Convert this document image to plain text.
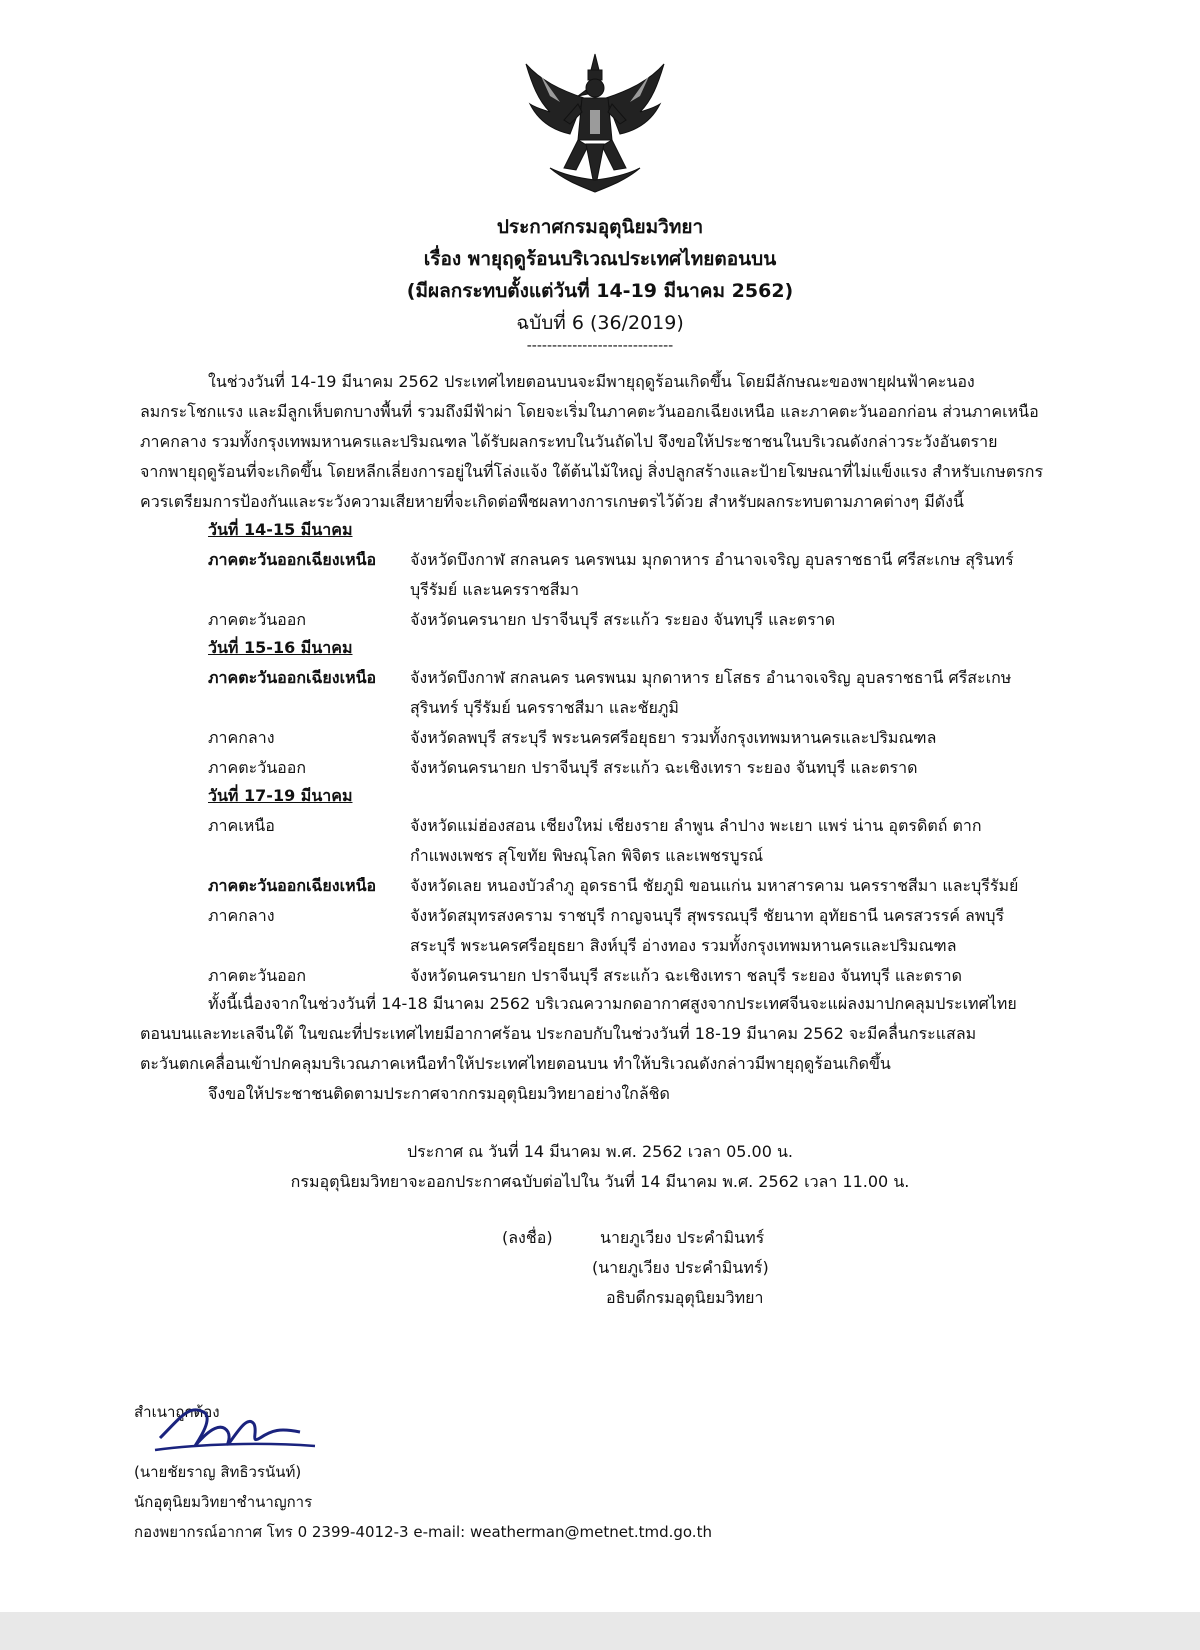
ประกาศกรมอุตุนิยมวิทยา
เรื่อง พายุฤดูร้อนบริเวณประเทศไทยตอนบน
(มีผลกระทบตั้งแต่วันที่ 14-19 มีนาคม 2562)
ฉบับที่ 6 (36/2019)
-----------------------------
ในช่วงวันที่ 14-19 มีนาคม 2562 ประเทศไทยตอนบนจะมีพายุฤดูร้อนเกิดขึ้น โดยมีลักษณะของพายุฝนฟ้าคะนอง
ลมกระโชกแรง และมีลูกเห็บตกบางพื้นที่ รวมถึงมีฟ้าผ่า โดยจะเริ่มในภาคตะวันออกเฉียงเหนือ และภาคตะวันออกก่อน ส่วนภาคเหนือ
ภาคกลาง รวมทั้งกรุงเทพมหานครและปริมณฑล ได้รับผลกระทบในวันถัดไป จึงขอให้ประชาชนในบริเวณดังกล่าวระวังอันตราย
จากพายุฤดูร้อนที่จะเกิดขึ้น โดยหลีกเลี่ยงการอยู่ในที่โล่งแจ้ง ใต้ต้นไม้ใหญ่ สิ่งปลูกสร้างและป้ายโฆษณาที่ไม่แข็งแรง สำหรับเกษตรกร
ควรเตรียมการป้องกันและระวังความเสียหายที่จะเกิดต่อพืชผลทางการเกษตรไว้ด้วย สำหรับผลกระทบตามภาคต่างๆ มีดังนี้
วันที่ 14-15 มีนาคม
ภาคตะวันออกเฉียงเหนือ	จังหวัดบึงกาฬ สกลนคร นครพนม มุกดาหาร อำนาจเจริญ อุบลราชธานี ศรีสะเกษ สุรินทร์
บุรีรัมย์ และนครราชสีมา
ภาคตะวันออก	จังหวัดนครนายก ปราจีนบุรี สระแก้ว ระยอง จันทบุรี และตราด
วันที่ 15-16 มีนาคม
ภาคตะวันออกเฉียงเหนือ	จังหวัดบึงกาฬ สกลนคร นครพนม มุกดาหาร ยโสธร อำนาจเจริญ อุบลราชธานี ศรีสะเกษ
สุรินทร์ บุรีรัมย์ นครราชสีมา และชัยภูมิ
ภาคกลาง	จังหวัดลพบุรี สระบุรี พระนครศรีอยุธยา รวมทั้งกรุงเทพมหานครและปริมณฑล
ภาคตะวันออก	จังหวัดนครนายก ปราจีนบุรี สระแก้ว ฉะเชิงเทรา ระยอง จันทบุรี และตราด
วันที่ 17-19 มีนาคม
ภาคเหนือ	จังหวัดแม่ฮ่องสอน เชียงใหม่ เชียงราย ลำพูน ลำปาง พะเยา แพร่ น่าน อุตรดิตถ์ ตาก
กำแพงเพชร สุโขทัย พิษณุโลก พิจิตร และเพชรบูรณ์
ภาคตะวันออกเฉียงเหนือ	จังหวัดเลย หนองบัวลำภู อุดรธานี ชัยภูมิ ขอนแก่น มหาสารคาม นครราชสีมา และบุรีรัมย์
ภาคกลาง	จังหวัดสมุทรสงคราม ราชบุรี กาญจนบุรี สุพรรณบุรี ชัยนาท อุทัยธานี นครสวรรค์ ลพบุรี
สระบุรี พระนครศรีอยุธยา สิงห์บุรี อ่างทอง รวมทั้งกรุงเทพมหานครและปริมณฑล
ภาคตะวันออก	จังหวัดนครนายก ปราจีนบุรี สระแก้ว ฉะเชิงเทรา ชลบุรี ระยอง จันทบุรี และตราด
ทั้งนี้เนื่องจากในช่วงวันที่ 14-18 มีนาคม 2562 บริเวณความกดอากาศสูงจากประเทศจีนจะแผ่ลงมาปกคลุมประเทศไทย
ตอนบนและทะเลจีนใต้ ในขณะที่ประเทศไทยมีอากาศร้อน ประกอบกับในช่วงวันที่ 18-19 มีนาคม 2562 จะมีคลื่นกระแสลม
ตะวันตกเคลื่อนเข้าปกคลุมบริเวณภาคเหนือทำให้ประเทศไทยตอนบน ทำให้บริเวณดังกล่าวมีพายุฤดูร้อนเกิดขึ้น
จึงขอให้ประชาชนติดตามประกาศจากกรมอุตุนิยมวิทยาอย่างใกล้ชิด
ประกาศ ณ วันที่ 14 มีนาคม พ.ศ. 2562 เวลา 05.00 น.
กรมอุตุนิยมวิทยาจะออกประกาศฉบับต่อไปใน วันที่ 14 มีนาคม พ.ศ. 2562 เวลา 11.00 น.
(ลงชื่อ)	นายภูเวียง ประคำมินทร์
(นายภูเวียง ประคำมินทร์)
อธิบดีกรมอุตุนิยมวิทยา
สำเนาถูกต้อง
(นายชัยราญ สิทธิวรนันท์)
นักอุตุนิยมวิทยาชำนาญการ
กองพยากรณ์อากาศ โทร 0 2399-4012-3 e-mail: weatherman@metnet.tmd.go.th
